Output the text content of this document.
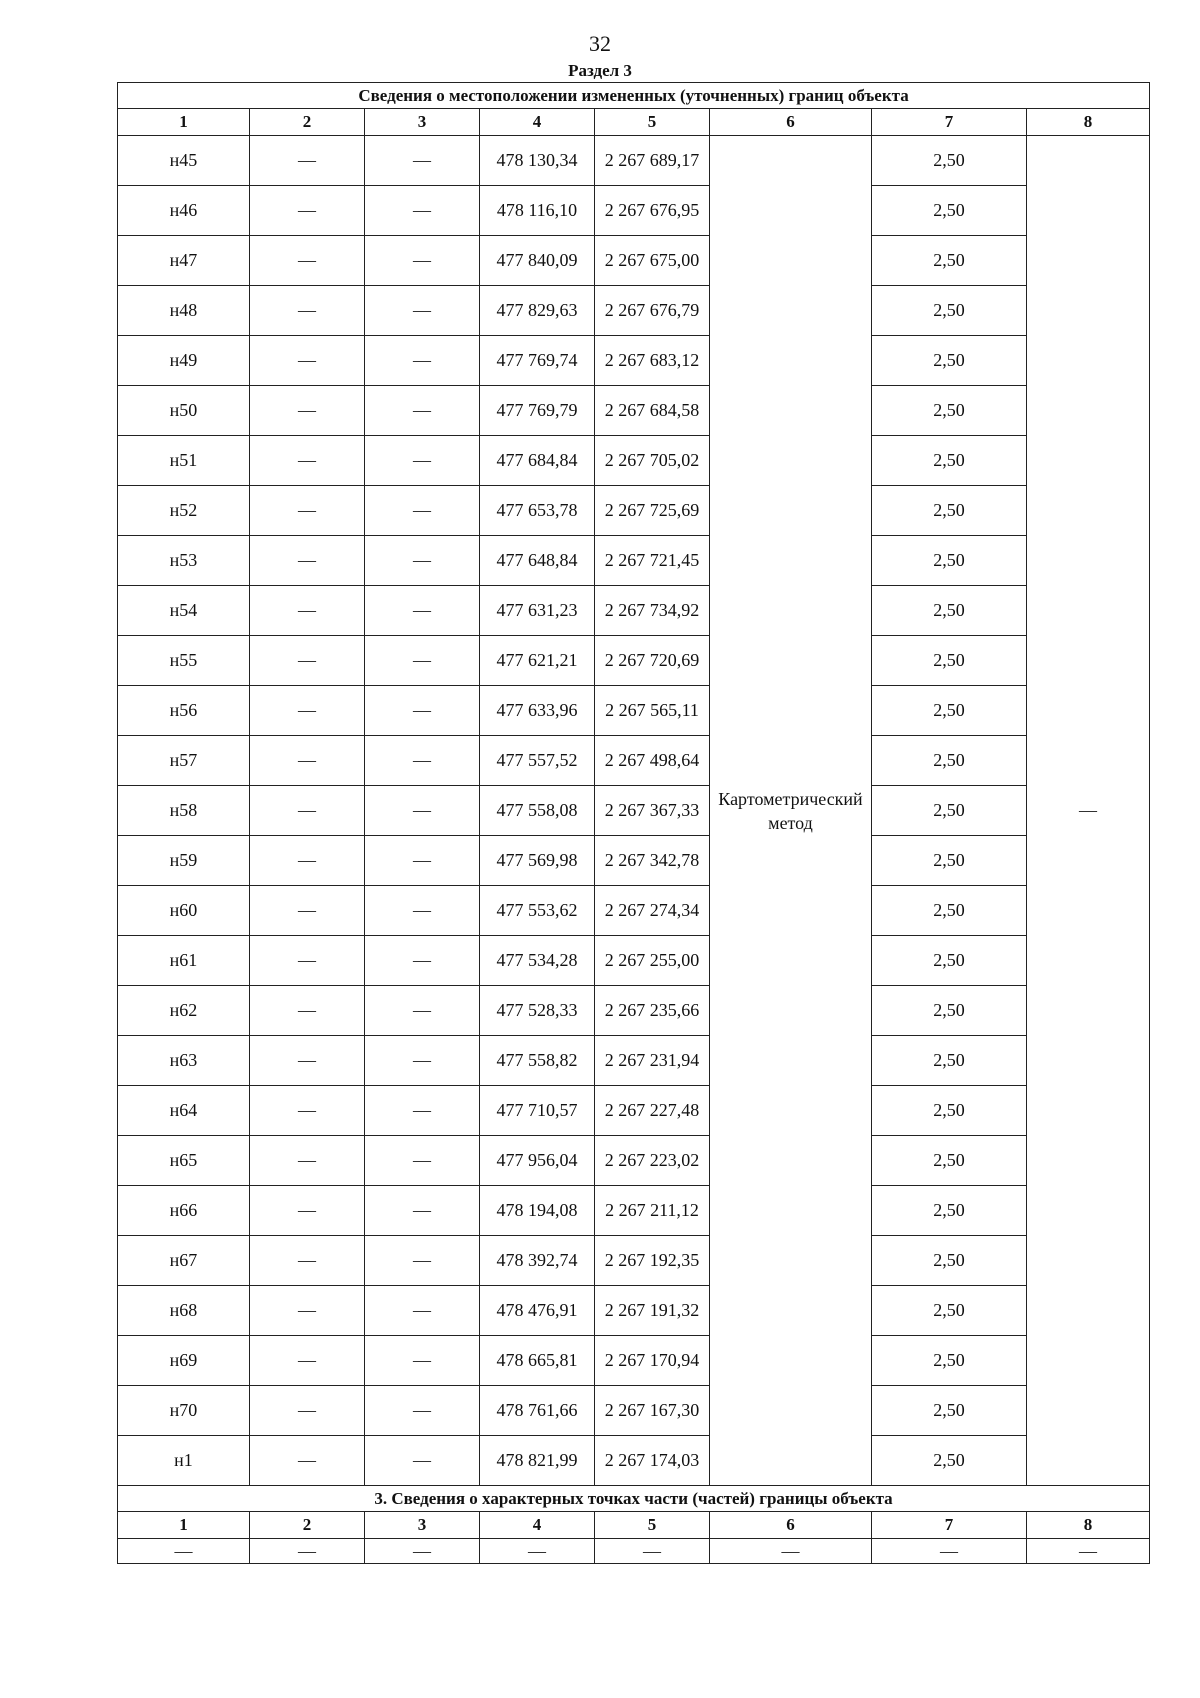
32
Раздел 3
Сведения о местоположении измененных (уточненных) границ объекта							
1	2	3	4	5	6	7	8
н45	—	—	478 130,34	2 267 689,17	Картометрический метод	2,50	—
н46	—	—	478 116,10	2 267 676,95		2,50	
н47	—	—	477 840,09	2 267 675,00		2,50	
н48	—	—	477 829,63	2 267 676,79		2,50	
н49	—	—	477 769,74	2 267 683,12		2,50	
н50	—	—	477 769,79	2 267 684,58		2,50	
н51	—	—	477 684,84	2 267 705,02		2,50	
н52	—	—	477 653,78	2 267 725,69		2,50	
н53	—	—	477 648,84	2 267 721,45		2,50	
н54	—	—	477 631,23	2 267 734,92		2,50	
н55	—	—	477 621,21	2 267 720,69		2,50	
н56	—	—	477 633,96	2 267 565,11		2,50	
н57	—	—	477 557,52	2 267 498,64		2,50	
н58	—	—	477 558,08	2 267 367,33		2,50	
н59	—	—	477 569,98	2 267 342,78		2,50	
н60	—	—	477 553,62	2 267 274,34		2,50	
н61	—	—	477 534,28	2 267 255,00		2,50	
н62	—	—	477 528,33	2 267 235,66		2,50	
н63	—	—	477 558,82	2 267 231,94		2,50	
н64	—	—	477 710,57	2 267 227,48		2,50	
н65	—	—	477 956,04	2 267 223,02		2,50	
н66	—	—	478 194,08	2 267 211,12		2,50	
н67	—	—	478 392,74	2 267 192,35		2,50	
н68	—	—	478 476,91	2 267 191,32		2,50	
н69	—	—	478 665,81	2 267 170,94		2,50	
н70	—	—	478 761,66	2 267 167,30		2,50	
н1	—	—	478 821,99	2 267 174,03		2,50	
3. Сведения о характерных точках части (частей) границы объекта							
1	2	3	4	5	6	7	8
—	—	—	—	—	—	—	—
